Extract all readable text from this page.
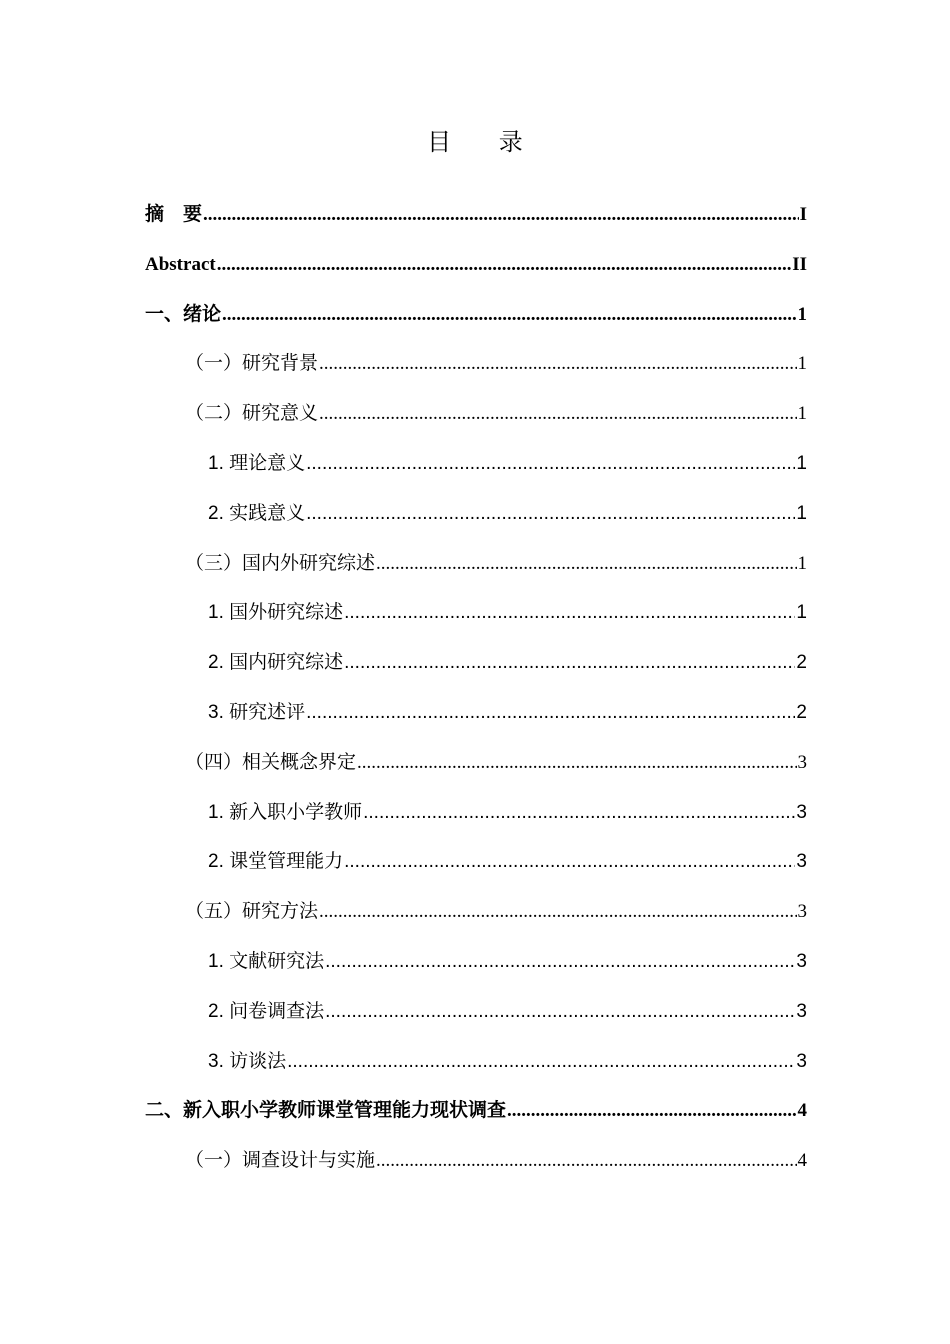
目 录
摘　要 .....	I
Abstract .....	II
一、绪论 .....	1
（一）研究背景 .....	1
（二）研究意义 .....	1
1. 理论意义 .....	1
2. 实践意义 .....	1
（三）国内外研究综述 .....	1
1. 国外研究综述 .....	1
2. 国内研究综述 .....	2
3. 研究述评 .....	2
（四）相关概念界定 .....	3
1. 新入职小学教师 .....	3
2. 课堂管理能力 .....	3
（五）研究方法 .....	3
1. 文献研究法 .....	3
2. 问卷调查法 .....	3
3. 访谈法 .....	3
二、新入职小学教师课堂管理能力现状调查 .....	4
（一）调查设计与实施 .....	4
